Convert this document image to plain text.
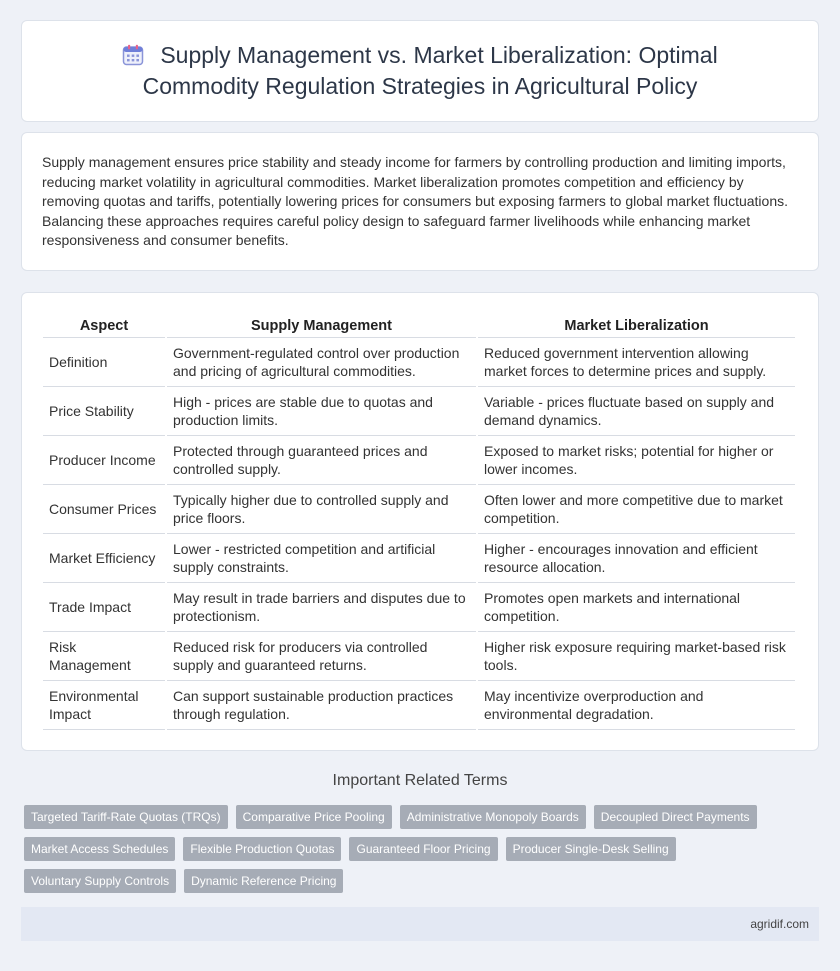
Supply Management vs. Market Liberalization: Optimal Commodity Regulation Strategies in Agricultural Policy

Supply management ensures price stability and steady income for farmers by controlling production and limiting imports, reducing market volatility in agricultural commodities. Market liberalization promotes competition and efficiency by removing quotas and tariffs, potentially lowering prices for consumers but exposing farmers to global market fluctuations. Balancing these approaches requires careful policy design to safeguard farmer livelihoods while enhancing market responsiveness and consumer benefits.

Aspect	Supply Management	Market Liberalization
Definition	Government-regulated control over production and pricing of agricultural commodities.	Reduced government intervention allowing market forces to determine prices and supply.
Price Stability	High - prices are stable due to quotas and production limits.	Variable - prices fluctuate based on supply and demand dynamics.
Producer Income	Protected through guaranteed prices and controlled supply.	Exposed to market risks; potential for higher or lower incomes.
Consumer Prices	Typically higher due to controlled supply and price floors.	Often lower and more competitive due to market competition.
Market Efficiency	Lower - restricted competition and artificial supply constraints.	Higher - encourages innovation and efficient resource allocation.
Trade Impact	May result in trade barriers and disputes due to protectionism.	Promotes open markets and international competition.
Risk Management	Reduced risk for producers via controlled supply and guaranteed returns.	Higher risk exposure requiring market-based risk tools.
Environmental Impact	Can support sustainable production practices through regulation.	May incentivize overproduction and environmental degradation.
Important Related Terms
Targeted Tariff-Rate Quotas (TRQs)	Comparative Price Pooling	Administrative Monopoly Boards	Decoupled Direct Payments
Market Access Schedules	Flexible Production Quotas	Guaranteed Floor Pricing	Producer Single-Desk Selling
Voluntary Supply Controls	Dynamic Reference Pricing
agridif.com
